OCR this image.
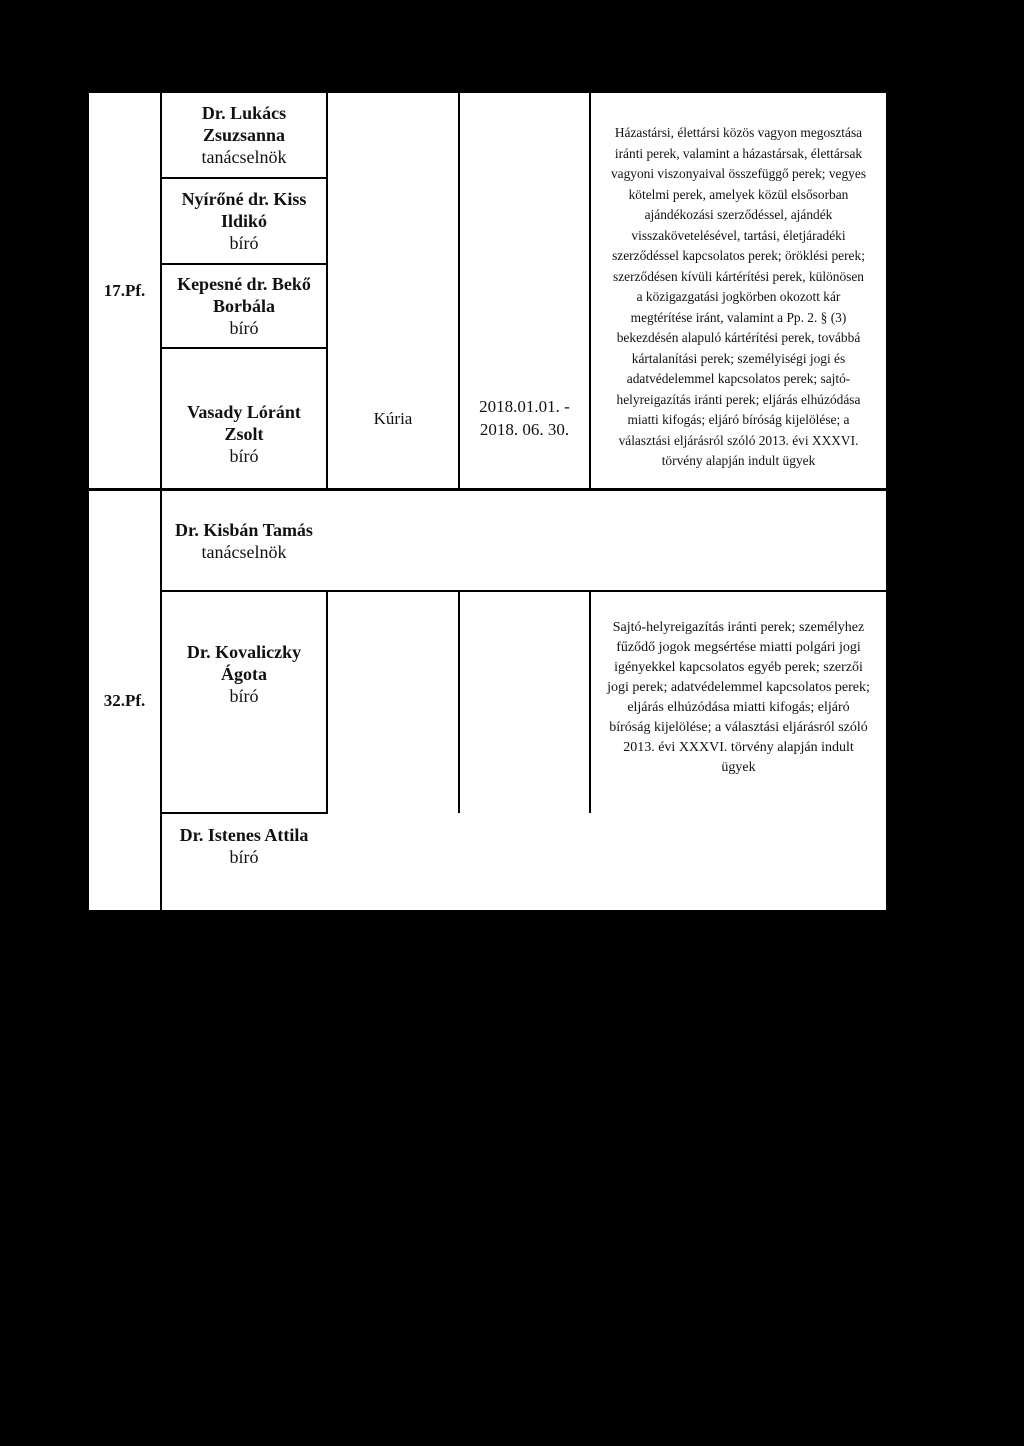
17.Pf.
Dr. Lukács
Zsuzsanna
tanácselnök
Nyírőné dr. Kiss
Ildikó
bíró
Kepesné dr. Bekő
Borbála
bíró
Vasady Lóránt
Zsolt
bíró
Kúria
2018.01.01. -
2018. 06. 30.
Házastársi, élettársi közös vagyon megosztása
iránti perek, valamint a házastársak, élettársak
vagyoni viszonyaival összefüggő perek; vegyes
kötelmi perek, amelyek közül elsősorban
ajándékozási szerződéssel, ajándék
visszakövetelésével, tartási, életjáradéki
szerződéssel kapcsolatos perek; öröklési perek;
szerződésen kívüli kártérítési perek, különösen
a közigazgatási jogkörben okozott kár
megtérítése iránt, valamint a Pp. 2. § (3)
bekezdésén alapuló kártérítési perek, továbbá
kártalanítási perek; személyiségi jogi és
adatvédelemmel kapcsolatos perek; sajtó-
helyreigazítás iránti perek; eljárás elhúzódása
miatti kifogás; eljáró bíróság kijelölése; a
választási eljárásról szóló 2013. évi XXXVI.
törvény alapján indult ügyek
32.Pf.
Dr. Kisbán Tamás
tanácselnök
Dr. Kovaliczky
Ágota
bíró
Dr. Istenes Attila
bíró
Sajtó-helyreigazítás iránti perek; személyhez
fűződő jogok megsértése miatti polgári jogi
igényekkel kapcsolatos egyéb perek; szerzői
jogi perek; adatvédelemmel kapcsolatos perek;
eljárás elhúzódása miatti kifogás; eljáró
bíróság kijelölése; a választási eljárásról szóló
2013. évi XXXVI. törvény alapján indult
ügyek
